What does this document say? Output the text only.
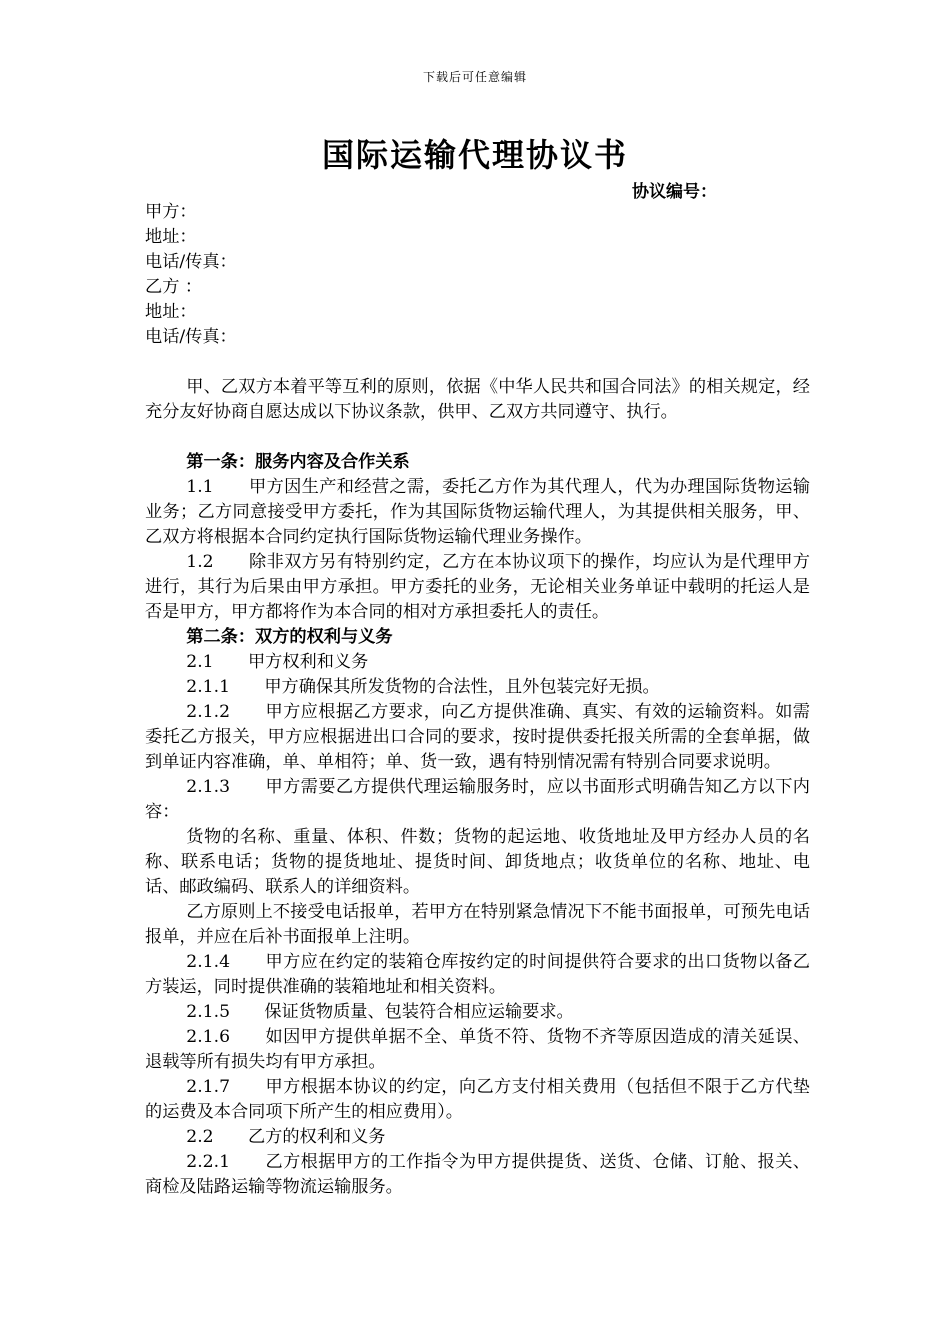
下载后可任意编辑
国际运输代理协议书
协议编号：
甲方：
地址：
电话/传真：
乙方 ：
地址：
电话/传真：

甲、乙双方本着平等互利的原则，依据《中华人民共和国合同法》的相关规定，经充分友好协商自愿达成以下协议条款，供甲、乙双方共同遵守、执行。

第一条：服务内容及合作关系

1.1　　甲方因生产和经营之需，委托乙方作为其代理人，代为办理国际货物运输业务；乙方同意接受甲方委托，作为其国际货物运输代理人，为其提供相关服务，甲、乙双方将根据本合同约定执行国际货物运输代理业务操作。

1.2　　除非双方另有特别约定，乙方在本协议项下的操作，均应认为是代理甲方进行，其行为后果由甲方承担。甲方委托的业务，无论相关业务单证中载明的托运人是否是甲方，甲方都将作为本合同的相对方承担委托人的责任。

第二条：双方的权利与义务

2.1　　甲方权利和义务

2.1.1　　甲方确保其所发货物的合法性，且外包装完好无损。

2.1.2　　甲方应根据乙方要求，向乙方提供准确、真实、有效的运输资料。如需委托乙方报关，甲方应根据进出口合同的要求，按时提供委托报关所需的全套单据，做到单证内容准确，单、单相符；单、货一致，遇有特别情况需有特别合同要求说明。

2.1.3　　甲方需要乙方提供代理运输服务时，应以书面形式明确告知乙方以下内容：

货物的名称、重量、体积、件数；货物的起运地、收货地址及甲方经办人员的名称、联系电话；货物的提货地址、提货时间、卸货地点；收货单位的名称、地址、电话、邮政编码、联系人的详细资料。

乙方原则上不接受电话报单，若甲方在特别紧急情况下不能书面报单，可预先电话报单，并应在后补书面报单上注明。

2.1.4　　甲方应在约定的装箱仓库按约定的时间提供符合要求的出口货物以备乙方装运，同时提供准确的装箱地址和相关资料。

2.1.5　　保证货物质量、包装符合相应运输要求。

2.1.6　　如因甲方提供单据不全、单货不符、货物不齐等原因造成的清关延误、退载等所有损失均有甲方承担。

2.1.7　　甲方根据本协议的约定，向乙方支付相关费用（包括但不限于乙方代垫的运费及本合同项下所产生的相应费用）。

2.2　　乙方的权利和义务

2.2.1　　乙方根据甲方的工作指令为甲方提供提货、送货、仓储、订舱、报关、商检及陆路运输等物流运输服务。
